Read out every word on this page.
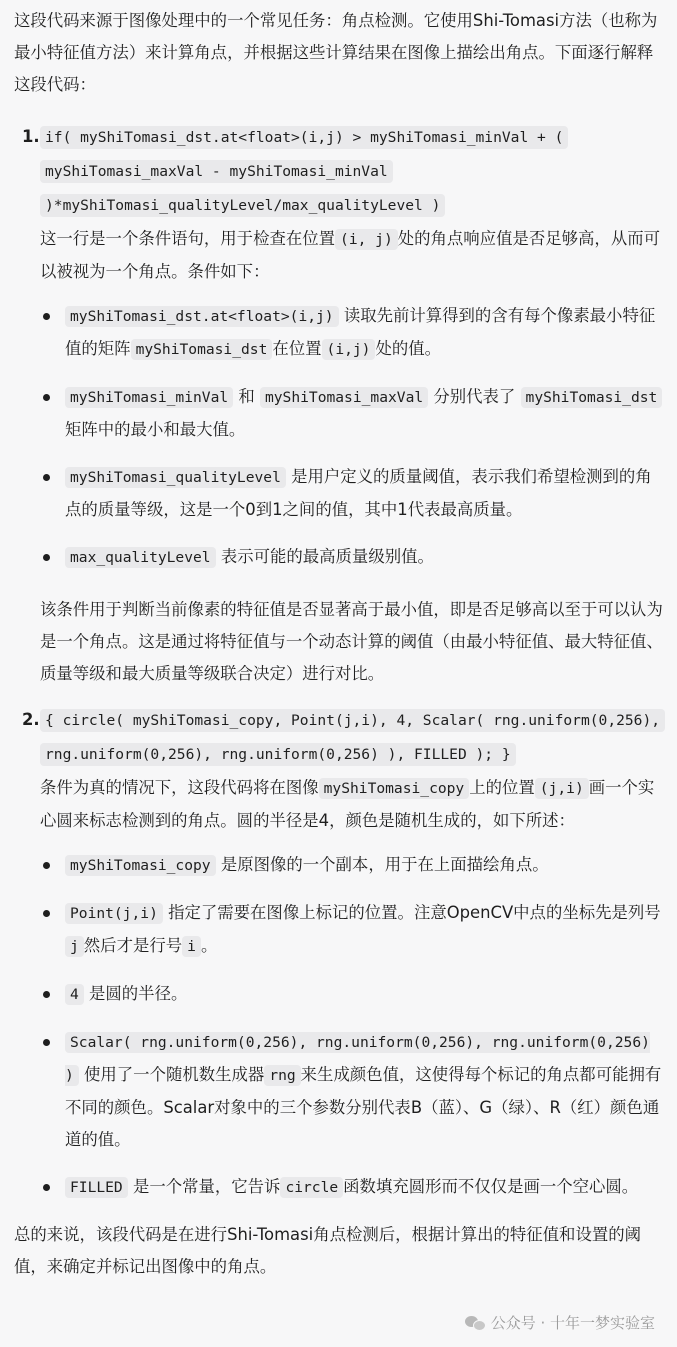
这段代码来源于图像处理中的一个常见任务：角点检测。它使用Shi-Tomasi方法（也称为最小特征值方法）来计算角点，并根据这些计算结果在图像上描绘出角点。下面逐行解释这段代码：

1. if( myShiTomasi_dst.at<float>(i,j) > myShiTomasi_minVal + ( myShiTomasi_maxVal - myShiTomasi_minVal )*myShiTomasi_qualityLevel/max_qualityLevel )

这一行是一个条件语句，用于检查在位置 (i, j) 处的角点响应值是否足够高，从而可以被视为一个角点。条件如下：

myShiTomasi_dst.at<float>(i,j) 读取先前计算得到的含有每个像素最小特征值的矩阵 myShiTomasi_dst 在位置 (i,j) 处的值。
myShiTomasi_minVal 和 myShiTomasi_maxVal 分别代表了 myShiTomasi_dst 矩阵中的最小和最大值。
myShiTomasi_qualityLevel 是用户定义的质量阈值，表示我们希望检测到的角点的质量等级，这是一个0到1之间的值，其中1代表最高质量。
max_qualityLevel 表示可能的最高质量级别值。

该条件用于判断当前像素的特征值是否显著高于最小值，即是否足够高以至于可以认为是一个角点。这是通过将特征值与一个动态计算的阈值（由最小特征值、最大特征值、质量等级和最大质量等级联合决定）进行对比。

2. { circle( myShiTomasi_copy, Point(j,i), 4, Scalar( rng.uniform(0,256), rng.uniform(0,256), rng.uniform(0,256) ), FILLED ); }

条件为真的情况下，这段代码将在图像 myShiTomasi_copy 上的位置 (j,i) 画一个实心圆来标志检测到的角点。圆的半径是4，颜色是随机生成的，如下所述：

myShiTomasi_copy 是原图像的一个副本，用于在上面描绘角点。
Point(j,i) 指定了需要在图像上标记的位置。注意OpenCV中点的坐标先是列号j 然后才是行号 i 。
4 是圆的半径。
Scalar( rng.uniform(0,256), rng.uniform(0,256), rng.uniform(0,256) ) 使用了一个随机数生成器 rng 来生成颜色值，这使得每个标记的角点都可能拥有不同的颜色。Scalar对象中的三个参数分别代表B（蓝）、G（绿）、R（红）颜色通道的值。
FILLED 是一个常量，它告诉 circle 函数填充圆形而不仅仅是画一个空心圆。

总的来说，该段代码是在进行Shi-Tomasi角点检测后，根据计算出的特征值和设置的阈值，来确定并标记出图像中的角点。

公众号 · 十年一梦实验室
